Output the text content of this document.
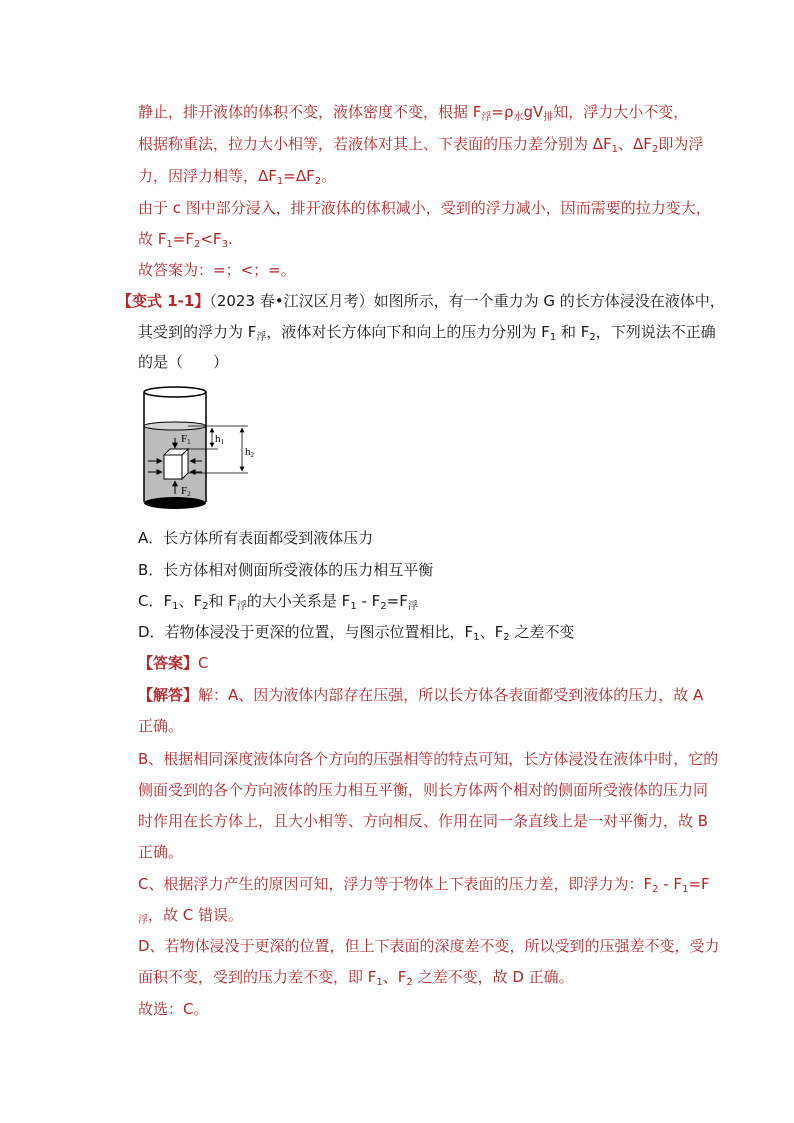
静止，排开液体的体积不变，液体密度不变，根据 $F_浮=\rho_水gV_排$知，浮力大小不变，
根据称重法，拉力大小相等，若液体对其上、下表面的压力差分别为 $\Delta F_1$、$\Delta F_2$即为浮
力，因浮力相等，$\Delta F_1=\Delta F_2$。
由于 c 图中部分浸入，排开液体的体积减小，受到的浮力减小，因而需要的拉力变大，
故 $F_1=F_2<F_3$.
故答案为：=；<；=。
【变式 1-1】（2023 春•江汉区月考）如图所示，有一个重力为 G 的长方体浸没在液体中，
其受到的浮力为 $F_浮$，液体对长方体向下和向上的压力分别为 $F_1$ 和 $F_2$，下列说法不正确
的是（　　）
F1
F2
h1
h2
A．长方体所有表面都受到液体压力
B．长方体相对侧面所受液体的压力相互平衡
C．$F_1$、$F_2$和 $F_浮$的大小关系是 $F_1 - F_2=F_浮$
D．若物体浸没于更深的位置，与图示位置相比，$F_1$、$F_2$ 之差不变
【答案】C
【解答】解：A、因为液体内部存在压强，所以长方体各表面都受到液体的压力，故 A
正确。
B、根据相同深度液体向各个方向的压强相等的特点可知，长方体浸没在液体中时，它的
侧面受到的各个方向液体的压力相互平衡，则长方体两个相对的侧面所受液体的压力同
时作用在长方体上，且大小相等、方向相反、作用在同一条直线上是一对平衡力，故 B
正确。
C、根据浮力产生的原因可知，浮力等于物体上下表面的压力差，即浮力为：$F_2 - F_1=F$
$_浮$，故 C 错误。
D、若物体浸没于更深的位置，但上下表面的深度差不变，所以受到的压强差不变，受力
面积不变，受到的压力差不变，即 $F_1$、$F_2$ 之差不变，故 D 正确。
故选：C。
